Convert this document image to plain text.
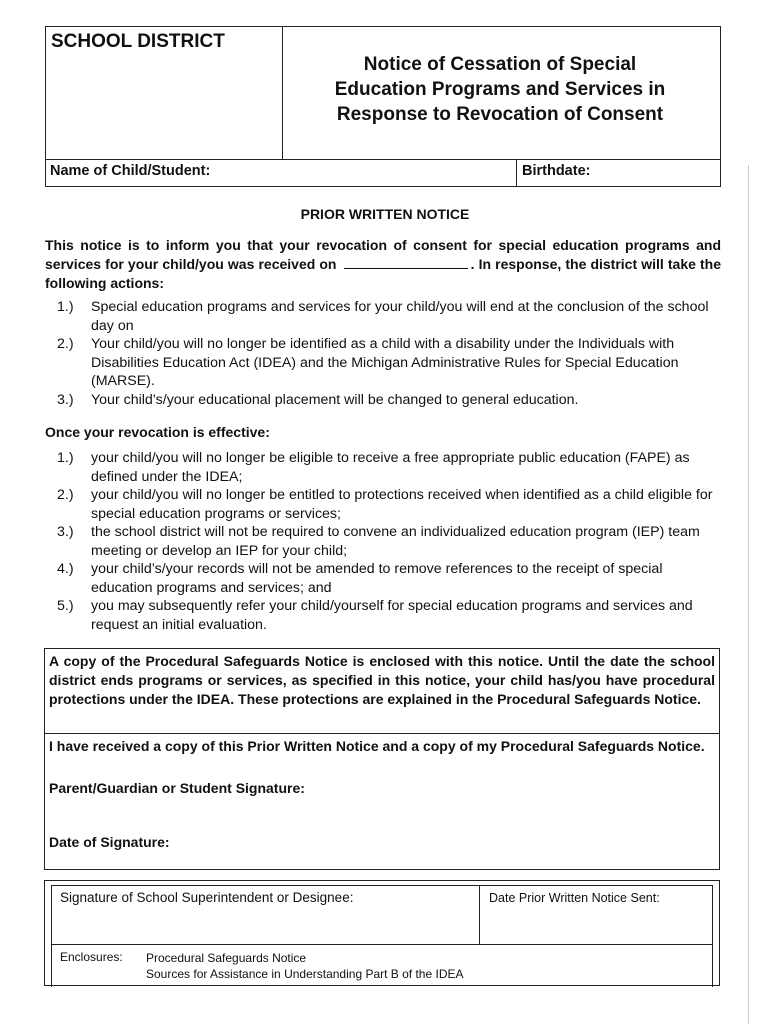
SCHOOL DISTRICT
Notice of Cessation of Special
Education Programs and Services in
Response to Revocation of Consent
Name of Child/Student:	Birthdate:
PRIOR WRITTEN NOTICE
This notice is to inform you that your revocation of consent for special education programs and services for your child/you was received on	. In response, the district will take the following actions:
1.) Special education programs and services for your child/you will end at the conclusion of the school day on
2.) Your child/you will no longer be identified as a child with a disability under the Individuals with Disabilities Education Act (IDEA) and the Michigan Administrative Rules for Special Education (MARSE).
3.) Your child’s/your educational placement will be changed to general education.
Once your revocation is effective:
1.) your child/you will no longer be eligible to receive a free appropriate public education (FAPE) as defined under the IDEA;
2.) your child/you will no longer be entitled to protections received when identified as a child eligible for special education programs or services;
3.) the school district will not be required to convene an individualized education program (IEP) team meeting or develop an IEP for your child;
4.) your child’s/your records will not be amended to remove references to the receipt of special education programs and services; and
5.) you may subsequently refer your child/yourself for special education programs and services and request an initial evaluation.
A copy of the Procedural Safeguards Notice is enclosed with this notice. Until the date the school district ends programs or services, as specified in this notice, your child has/you have procedural protections under the IDEA. These protections are explained in the Procedural Safeguards Notice.
I have received a copy of this Prior Written Notice and a copy of my Procedural Safeguards Notice.
Parent/Guardian or Student Signature:
Date of Signature:
Signature of School Superintendent or Designee:	Date Prior Written Notice Sent:
Enclosures: Procedural Safeguards Notice
Sources for Assistance in Understanding Part B of the IDEA
